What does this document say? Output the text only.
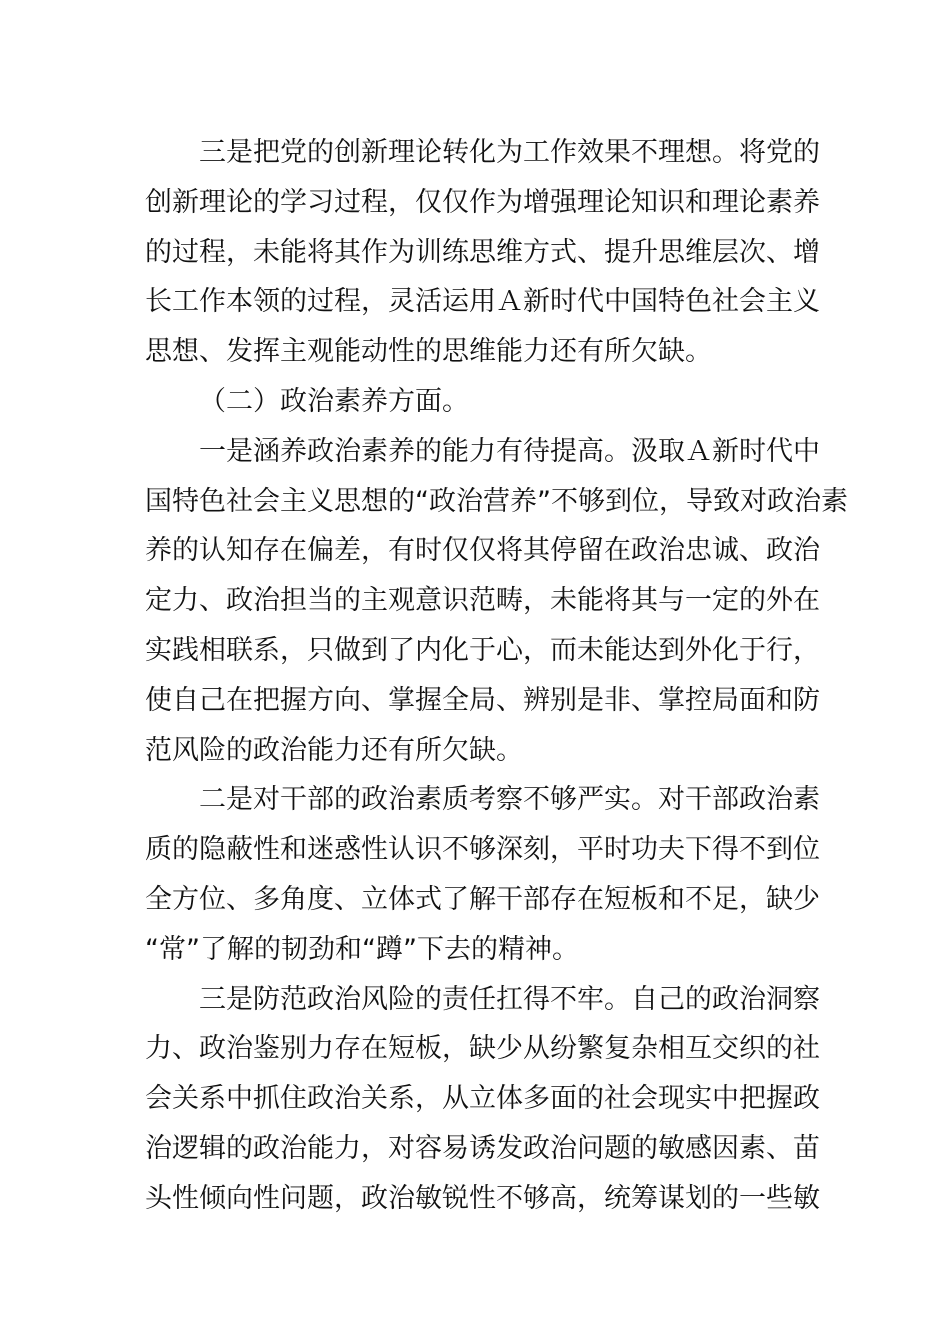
三是把党的创新理论转化为工作效果不理想。将党的
创新理论的学习过程，仅仅作为增强理论知识和理论素养
的过程，未能将其作为训练思维方式、提升思维层次、增
长工作本领的过程，灵活运用Ａ新时代中国特色社会主义
思想、发挥主观能动性的思维能力还有所欠缺。
（二）政治素养方面。
一是涵养政治素养的能力有待提高。汲取Ａ新时代中
国特色社会主义思想的“政治营养”不够到位，导致对政治素
养的认知存在偏差，有时仅仅将其停留在政治忠诚、政治
定力、政治担当的主观意识范畴，未能将其与一定的外在
实践相联系，只做到了内化于心，而未能达到外化于行，
使自己在把握方向、掌握全局、辨别是非、掌控局面和防
范风险的政治能力还有所欠缺。
二是对干部的政治素质考察不够严实。对干部政治素
质的隐蔽性和迷惑性认识不够深刻，平时功夫下得不到位
全方位、多角度、立体式了解干部存在短板和不足，缺少
“常”了解的韧劲和“蹲”下去的精神。
三是防范政治风险的责任扛得不牢。自己的政治洞察
力、政治鉴别力存在短板，缺少从纷繁复杂相互交织的社
会关系中抓住政治关系，从立体多面的社会现实中把握政
治逻辑的政治能力，对容易诱发政治问题的敏感因素、苗
头性倾向性问题，政治敏锐性不够高，统筹谋划的一些敏
